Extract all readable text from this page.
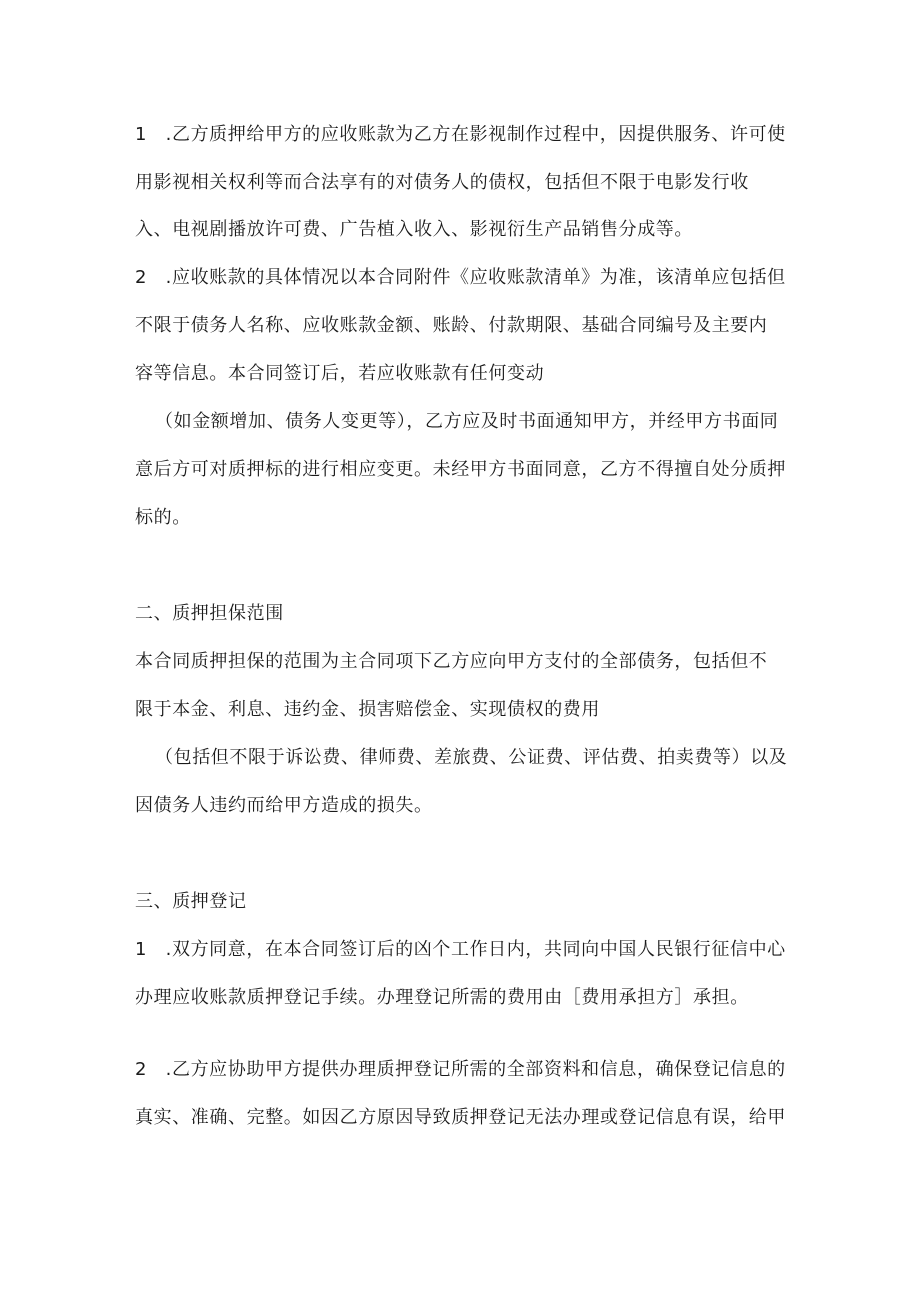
1　.乙方质押给甲方的应收账款为乙方在影视制作过程中，因提供服务、许可使
用影视相关权利等而合法享有的对债务人的债权，包括但不限于电影发行收
入、电视剧播放许可费、广告植入收入、影视衍生产品销售分成等。
2　.应收账款的具体情况以本合同附件《应收账款清单》为准，该清单应包括但
不限于债务人名称、应收账款金额、账龄、付款期限、基础合同编号及主要内
容等信息。本合同签订后，若应收账款有任何变动
（如金额增加、债务人变更等），乙方应及时书面通知甲方，并经甲方书面同
意后方可对质押标的进行相应变更。未经甲方书面同意，乙方不得擅自处分质押
标的。
二、质押担保范围
本合同质押担保的范围为主合同项下乙方应向甲方支付的全部债务，包括但不
限于本金、利息、违约金、损害赔偿金、实现债权的费用
（包括但不限于诉讼费、律师费、差旅费、公证费、评估费、拍卖费等）以及
因债务人违约而给甲方造成的损失。
三、质押登记
1　.双方同意，在本合同签订后的凶个工作日内，共同向中国人民银行征信中心
办理应收账款质押登记手续。办理登记所需的费用由［费用承担方］承担。
2　.乙方应协助甲方提供办理质押登记所需的全部资料和信息，确保登记信息的
真实、准确、完整。如因乙方原因导致质押登记无法办理或登记信息有误，给甲
